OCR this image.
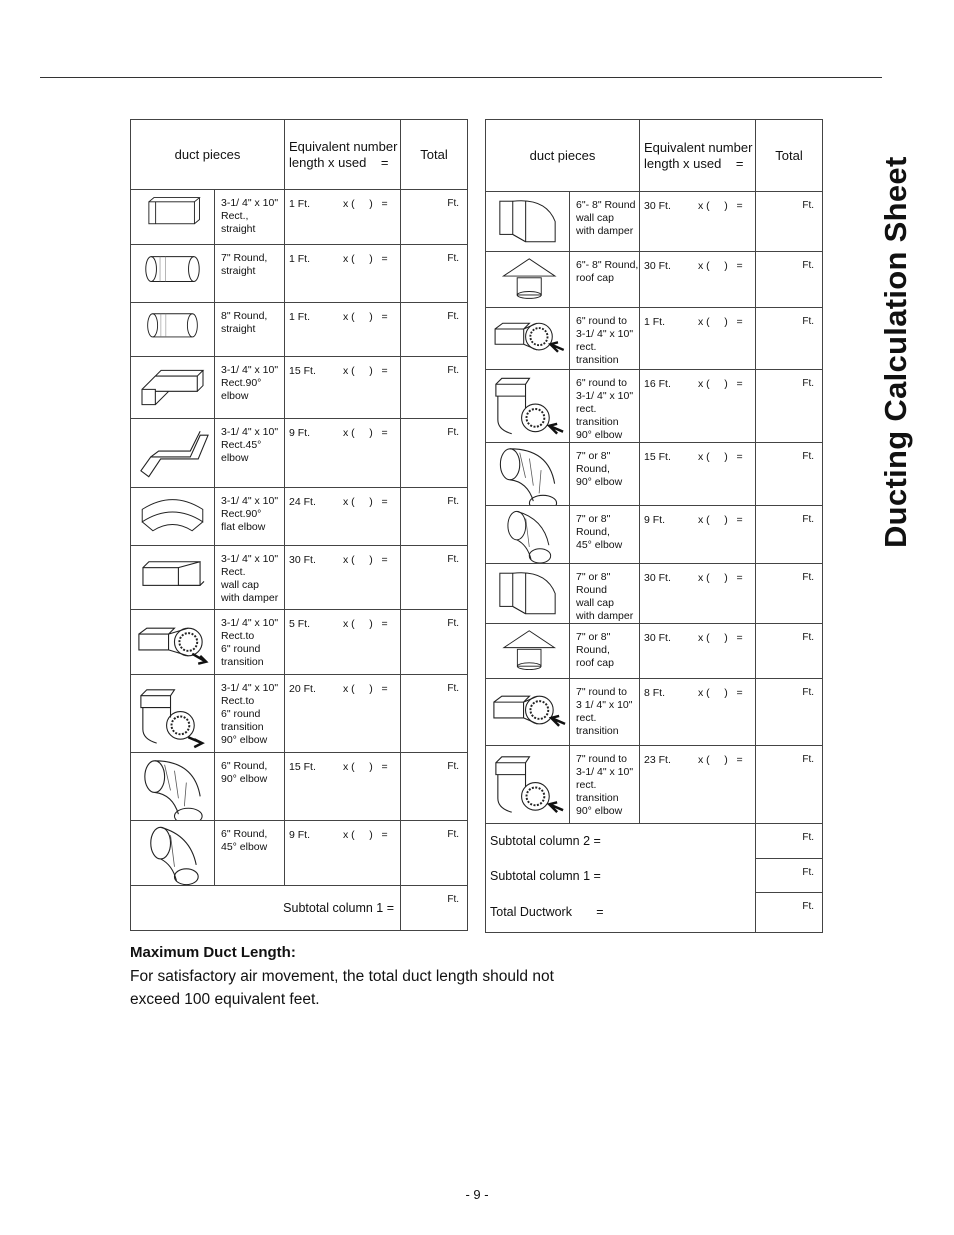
duct pieces		Equivalent number
length x used =	Total

3-1/ 4" x 10"
Rect.,
straight	1 Ft. x (     )   =	Ft.

7" Round,
straight	1 Ft. x (     )   =	Ft.

8" Round,
straight	1 Ft. x (     )   =	Ft.

3-1/ 4" x 10"
Rect.90°
elbow	15 Ft. x (     )   =	Ft.

3-1/ 4" x 10"
Rect.45°
elbow	9 Ft. x (     )   =	Ft.

3-1/ 4" x 10"
Rect.90°
flat elbow	24 Ft. x (     )   =	Ft.

3-1/ 4" x 10"
Rect.
wall cap
with damper	30 Ft. x (     )   =	Ft.

3-1/ 4" x 10"
Rect.to
6" round
transition	5 Ft. x (     )   =	Ft.

3-1/ 4" x 10"
Rect.to
6" round
transition
90° elbow	20 Ft. x (     )   =	Ft.

6" Round,
90° elbow	15 Ft. x (     )   =	Ft.

6" Round,
45° elbow	9 Ft. x (     )   =	Ft.
Subtotal column 1 =			Ft.
duct pieces		Equivalent number
length x used =	Total

6"- 8" Round
wall cap
with damper	30 Ft. x (     )   =	Ft.

6"- 8" Round,
roof cap	30 Ft. x (     )   =	Ft.

6" round to
3-1/ 4" x 10"
rect.
transition	1 Ft. x (     )   =	Ft.

6" round to
3-1/ 4" x 10"
rect.
transition
90° elbow	16 Ft. x (     )   =	Ft.

7" or 8"
Round,
90° elbow	15 Ft. x (     )   =	Ft.

7" or 8"
Round,
45° elbow	9 Ft. x (     )   =	Ft.

7" or 8"
Round
wall cap
with damper	30 Ft. x (     )   =	Ft.

7" or 8"
Round,
roof cap	30 Ft. x (     )   =	Ft.

7" round to
3 1/ 4" x 10"
rect.
transition	8 Ft. x (     )   =	Ft.

7" round to
3-1/ 4" x 10"
rect.
transition
90° elbow	23 Ft. x (     )   =	Ft.
Subtotal column 2 =			Ft.
Subtotal column 1 =			Ft.
Total Ductwork       =			Ft.
Ducting Calculation Sheet
Maximum Duct Length:
For satisfactory air movement, the total duct length should not exceed 100 equivalent feet.
- 9 -
